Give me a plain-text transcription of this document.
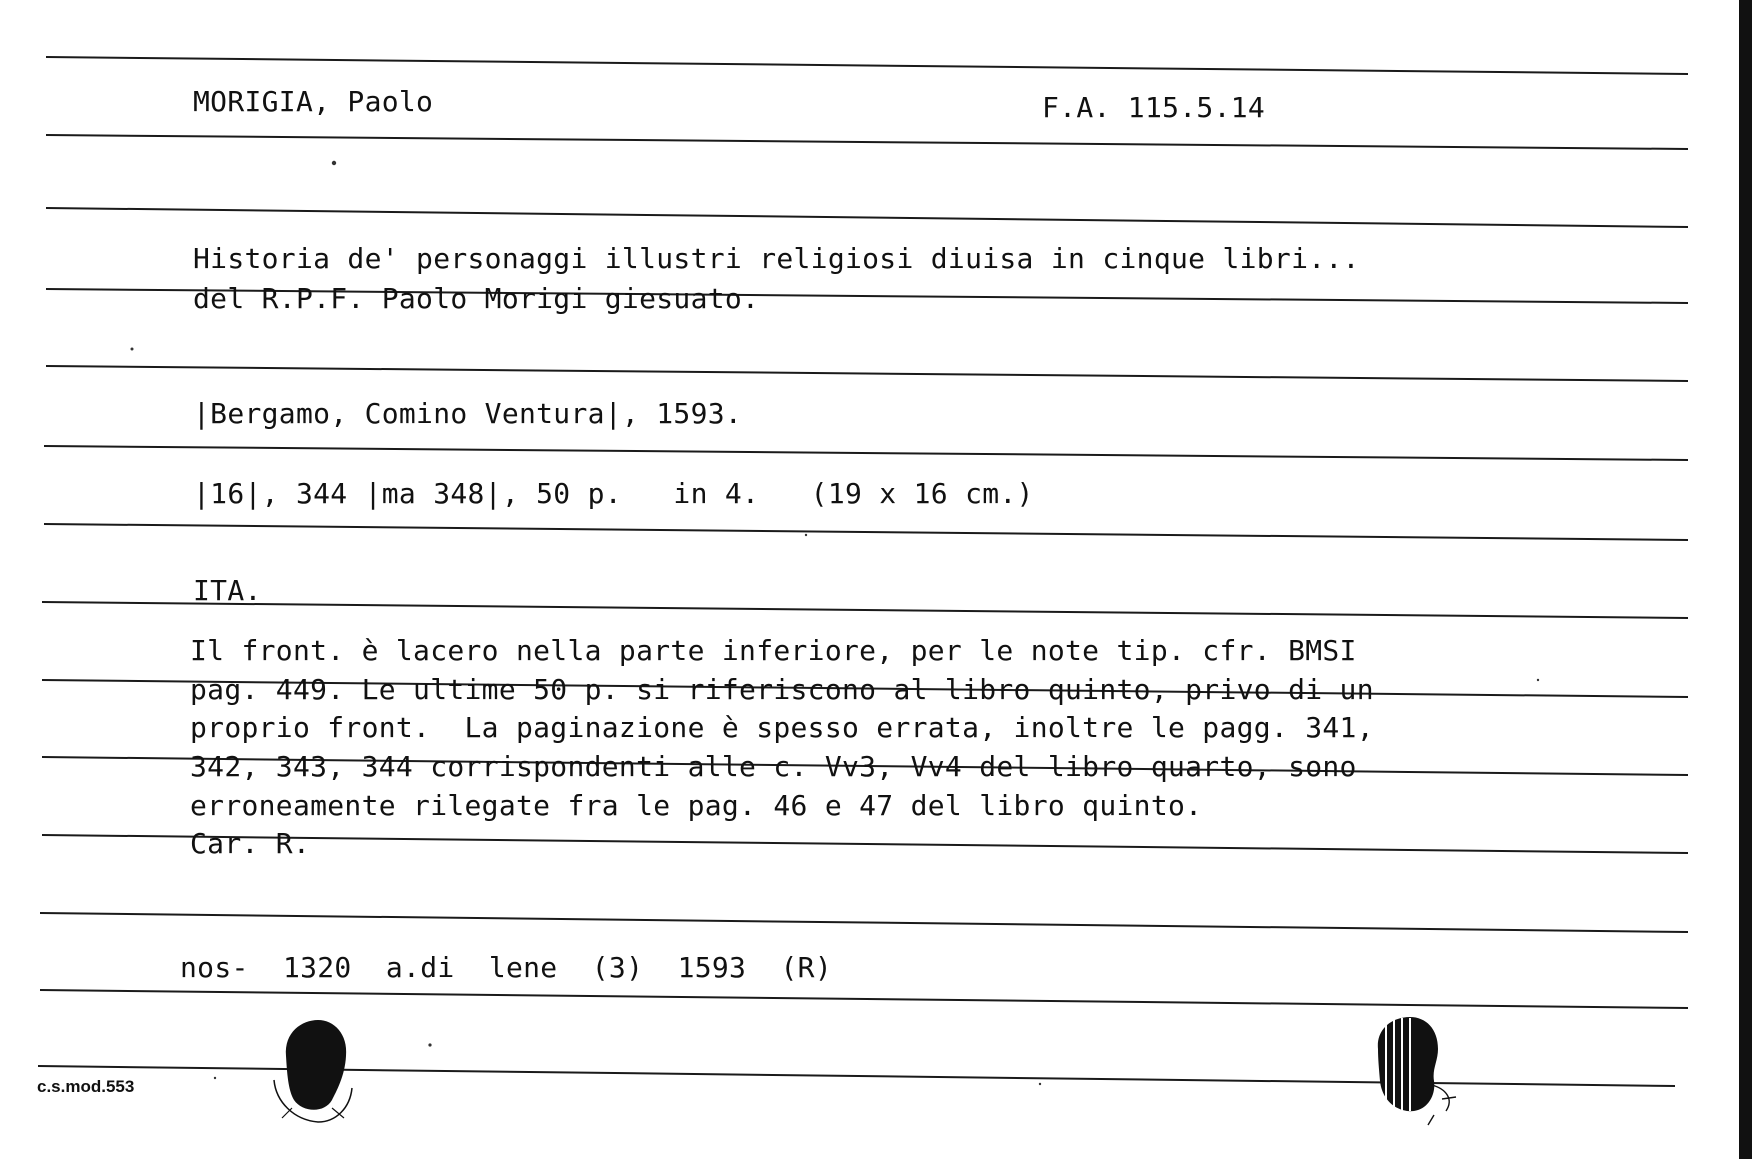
MORIGIA, Paolo	F.A. 115.5.14
Historia de' personaggi illustri religiosi diuisa in cinque libri...
del R.P.F. Paolo Morigi giesuato.
|Bergamo, Comino Ventura|, 1593.
|16|, 344 |ma 348|, 50 p.   in 4.   (19 x 16 cm.)
ITA.
Il front. è lacero nella parte inferiore, per le note tip. cfr. BMSI
pag. 449. Le ultime 50 p. si riferiscono al libro quinto, privo di un
proprio front.  La paginazione è spesso errata, inoltre le pagg. 341,
342, 343, 344 corrispondenti alle c. Vv3, Vv4 del libro quarto, sono
erroneamente rilegate fra le pag. 46 e 47 del libro quinto.
Car. R.
nos-  1320  a.di  lene  (3)  1593  (R)
c.s.mod.553
